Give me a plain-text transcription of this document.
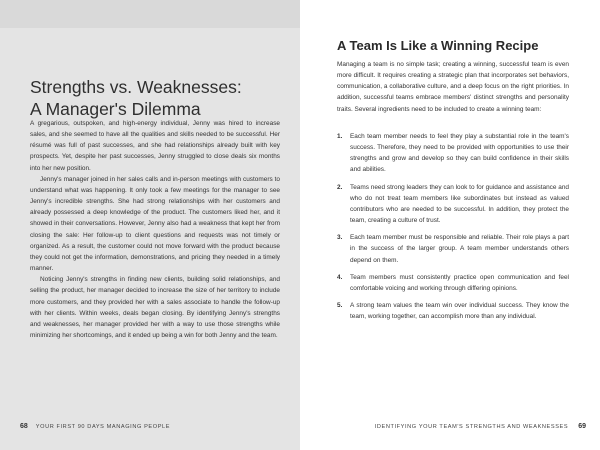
Strengths vs. Weaknesses:
A Manager's Dilemma

A gregarious, outspoken, and high-energy individual, Jenny was hired to increase sales, and she seemed to have all the qualities and skills needed to be successful. Her résumé was full of past successes, and she had relationships already built with key prospects. Yet, despite her past successes, Jenny struggled to close deals six months into her new position.

Jenny's manager joined in her sales calls and in-person meetings with customers to understand what was happening. It only took a few meetings for the manager to see Jenny's incredible strengths. She had strong relationships with her customers and already possessed a deep knowledge of the product. The customers liked her, and it showed in their conversations. However, Jenny also had a weakness that kept her from closing the sale: Her follow-up to client questions and requests was not timely or organized. As a result, the customer could not move forward with the product because they could not get the information, demonstrations, and pricing they needed in a timely manner.

Noticing Jenny's strengths in finding new clients, building solid relationships, and selling the product, her manager decided to increase the size of her territory to include more customers, and they provided her with a sales associate to handle the follow-up with her clients. Within weeks, deals began closing. By identifying Jenny's strengths and weaknesses, her manager provided her with a way to use those strengths while minimizing her shortcomings, and it ended up being a win for both Jenny and the team.

68 YOUR FIRST 90 DAYS MANAGING PEOPLE
A Team Is Like a Winning Recipe

Managing a team is no simple task; creating a winning, successful team is even more difficult. It requires creating a strategic plan that incorporates set behaviors, communication, a collaborative culture, and a deep focus on the right priorities. In addition, successful teams embrace members' distinct strengths and personality traits. Several ingredients need to be included to create a winning team:

1. Each team member needs to feel they play a substantial role in the team's success. Therefore, they need to be provided with opportunities to use their strengths and grow and develop so they can build confidence in their skills and abilities.

2. Teams need strong leaders they can look to for guidance and assistance and who do not treat team members like subordinates but instead as valued contributors who are needed to be successful. In addition, they protect the team, creating a culture of trust.

3. Each team member must be responsible and reliable. Their role plays a part in the success of the larger group. A team member understands others depend on them.

4. Team members must consistently practice open communication and feel comfortable voicing and working through differing opinions.

5. A strong team values the team win over individual success. They know the team, working together, can accomplish more than any individual.

IDENTIFYING YOUR TEAM'S STRENGTHS AND WEAKNESSES 69
